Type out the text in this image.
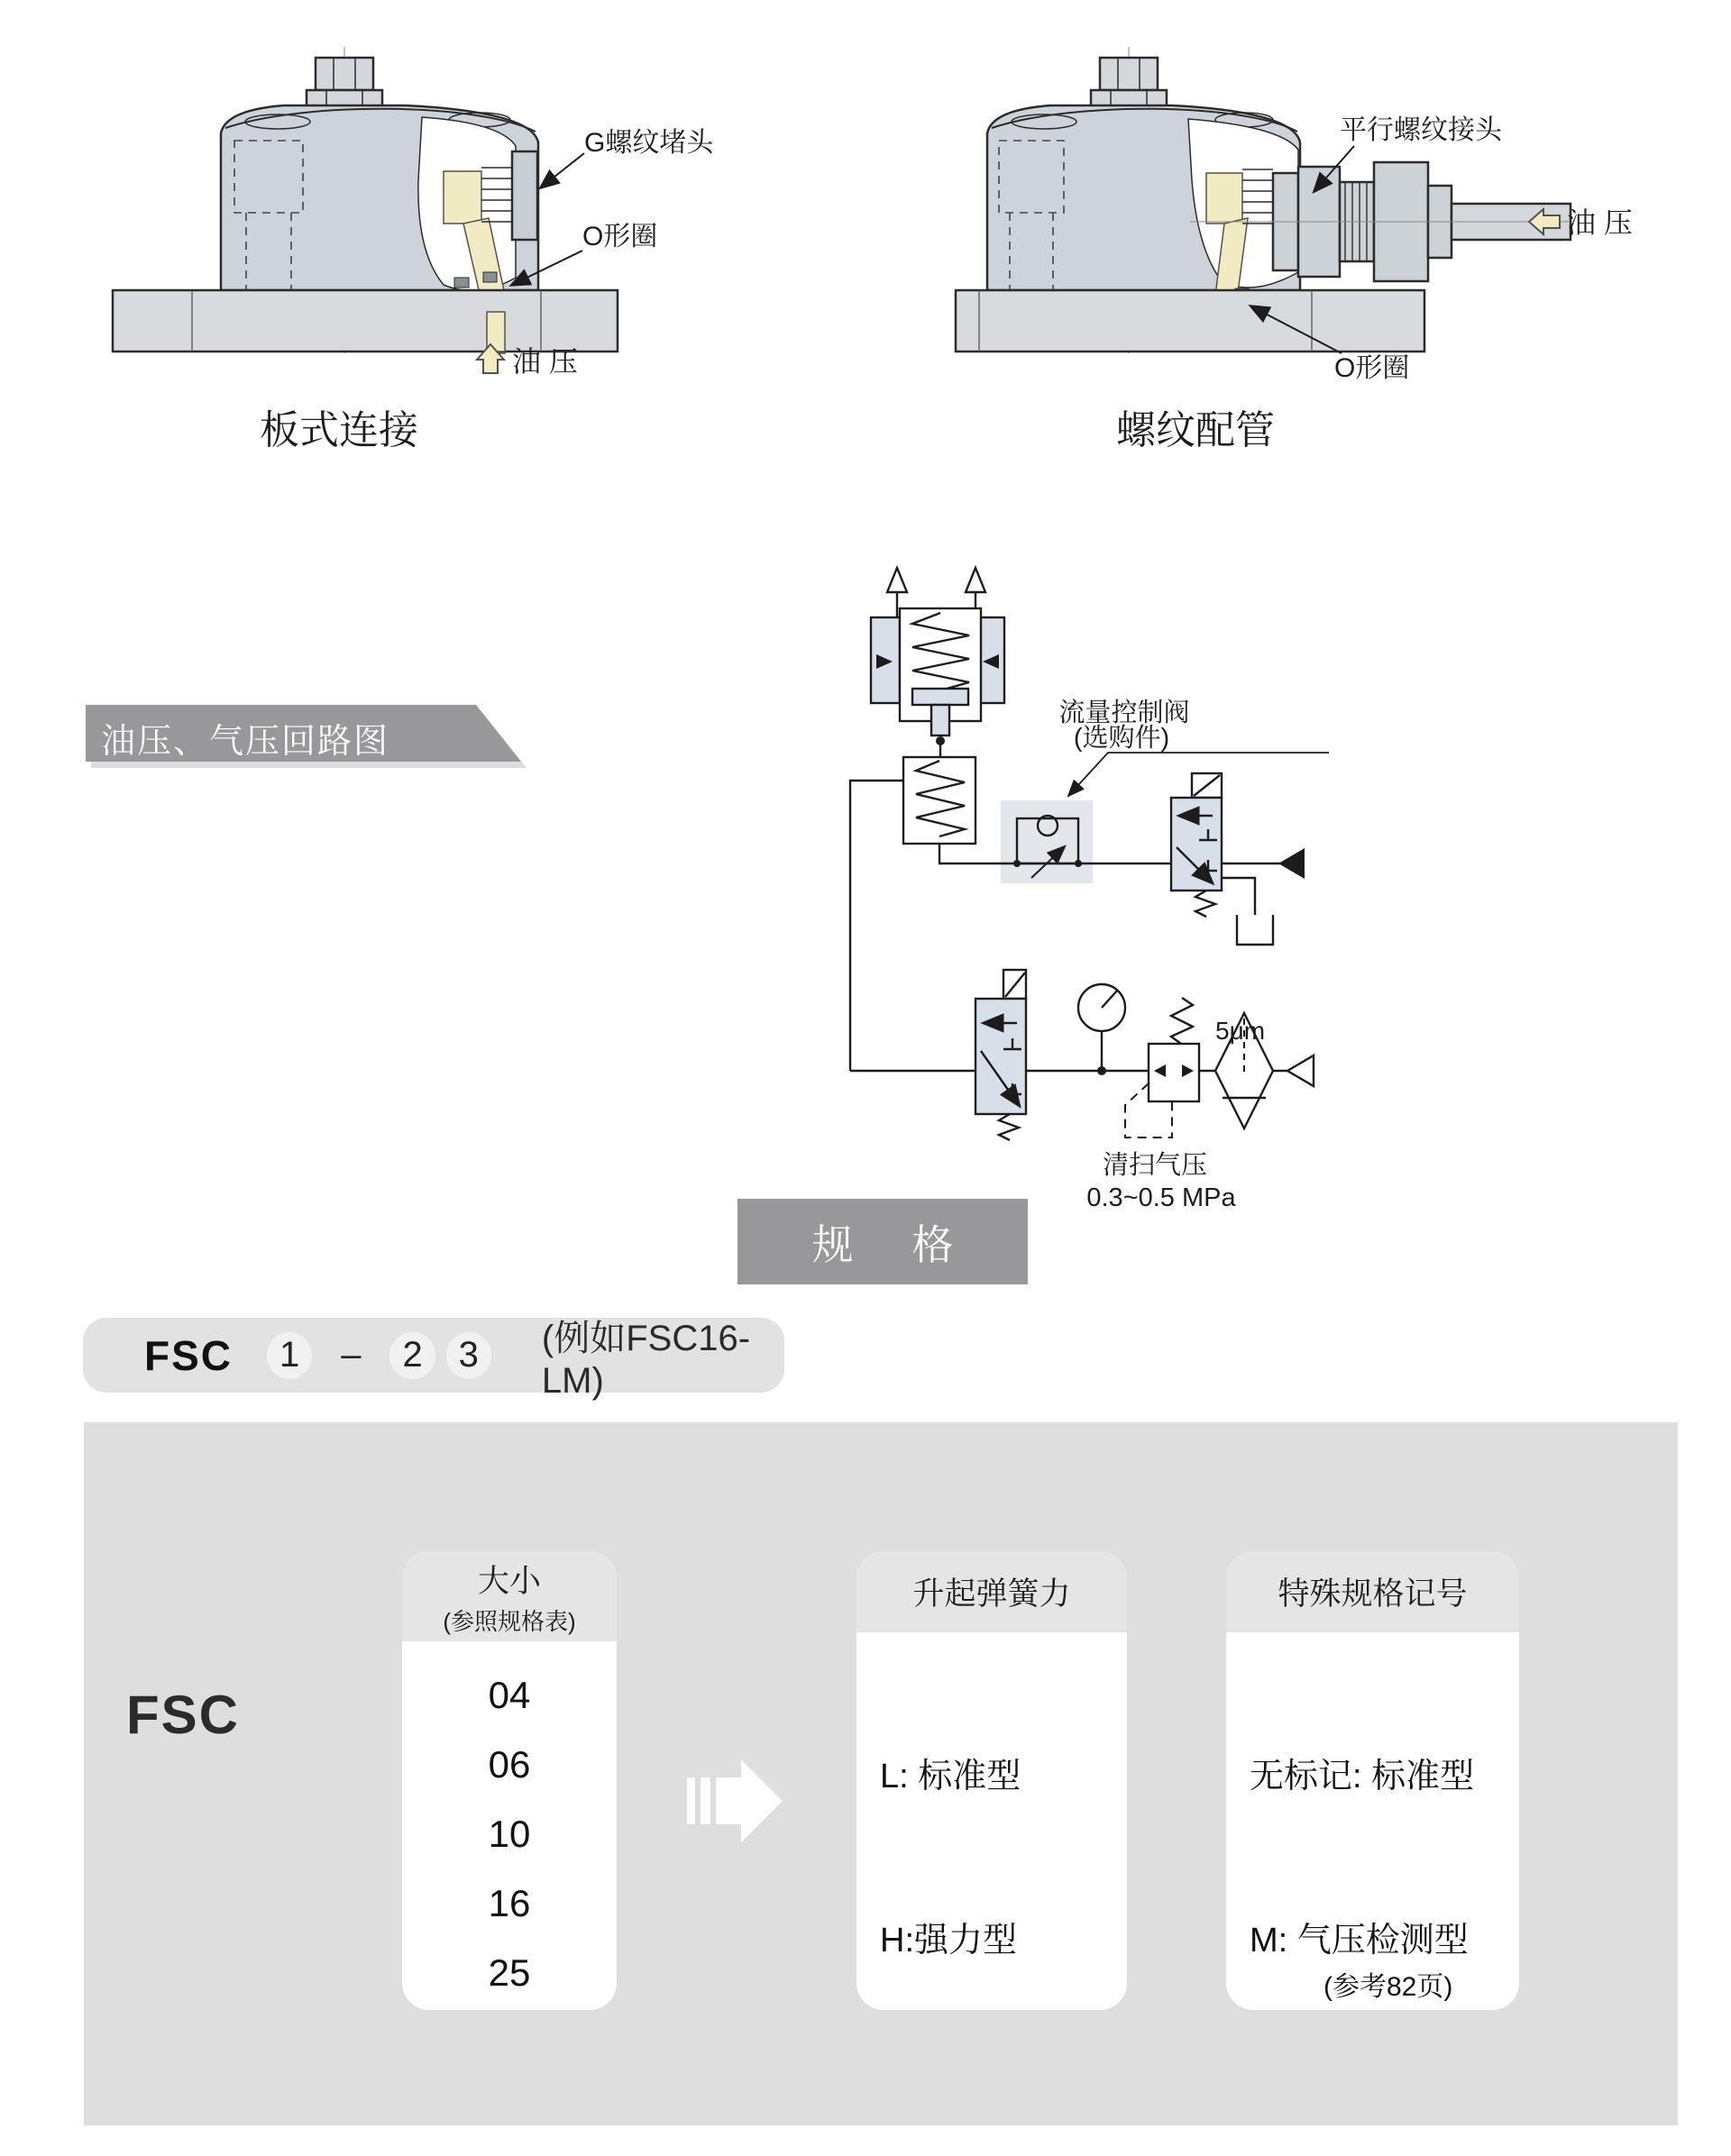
G螺纹堵头
O形圈
油 压
板式连接
平行螺纹接头
油 压
O形圈
螺纹配管
油压、气压回路图
流量控制阀
(选购件)
5μm
清扫气压
0.3~0.5 MPa
规 格
FSC	1	–	2 3	(例如FSC16-LM)
FSC
大小
(参照规格表)
04
06
10
16
25
升起弹簧力
L: 标准型
H:强力型
特殊规格记号
无标记: 标准型
M: 气压检测型
(参考82页)
